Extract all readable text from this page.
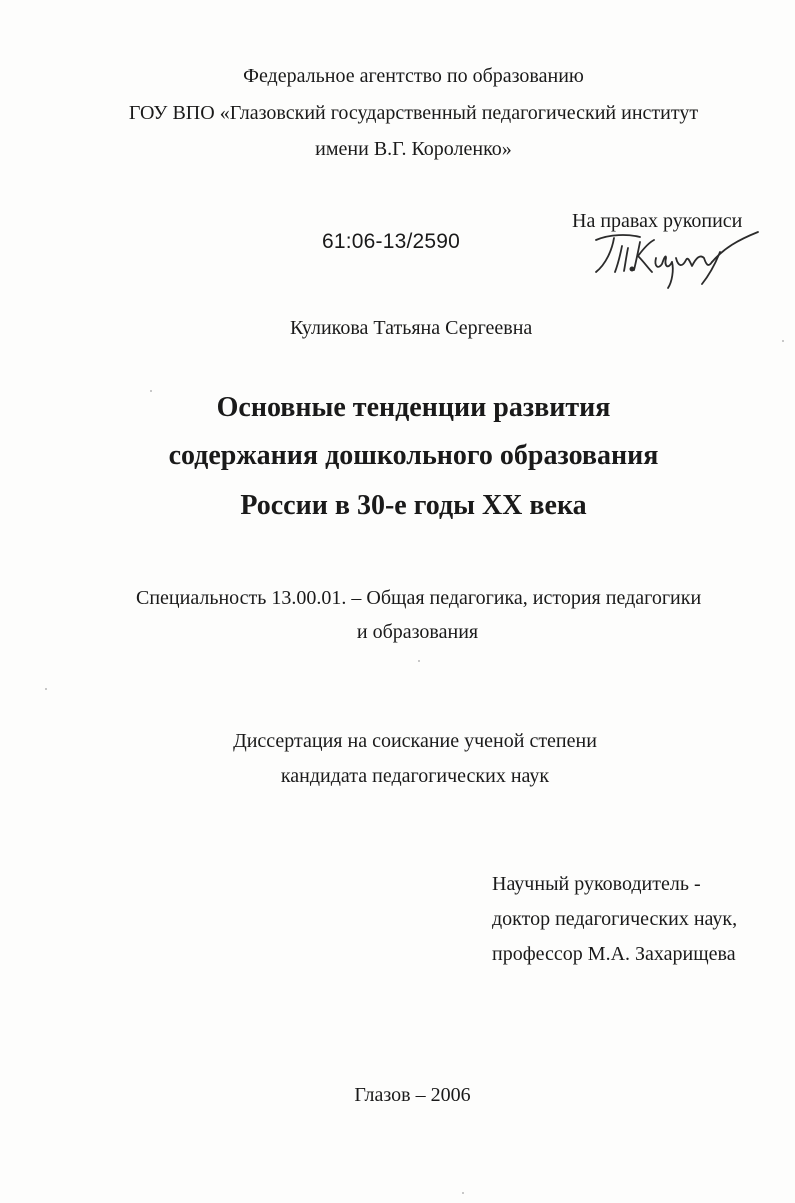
Федеральное агентство по образованию
ГОУ ВПО «Глазовский государственный педагогический институт
имени В.Г. Короленко»
На правах рукописи
61:06-13/2590
Куликова Татьяна Сергеевна
Основные тенденции развития
содержания дошкольного образования
России в 30-е годы XX века
Специальность 13.00.01. – Общая педагогика, история педагогики
и образования
Диссертация на соискание ученой степени
кандидата педагогических наук
Научный руководитель -
доктор педагогических наук,
профессор М.А. Захарищева
Глазов – 2006
